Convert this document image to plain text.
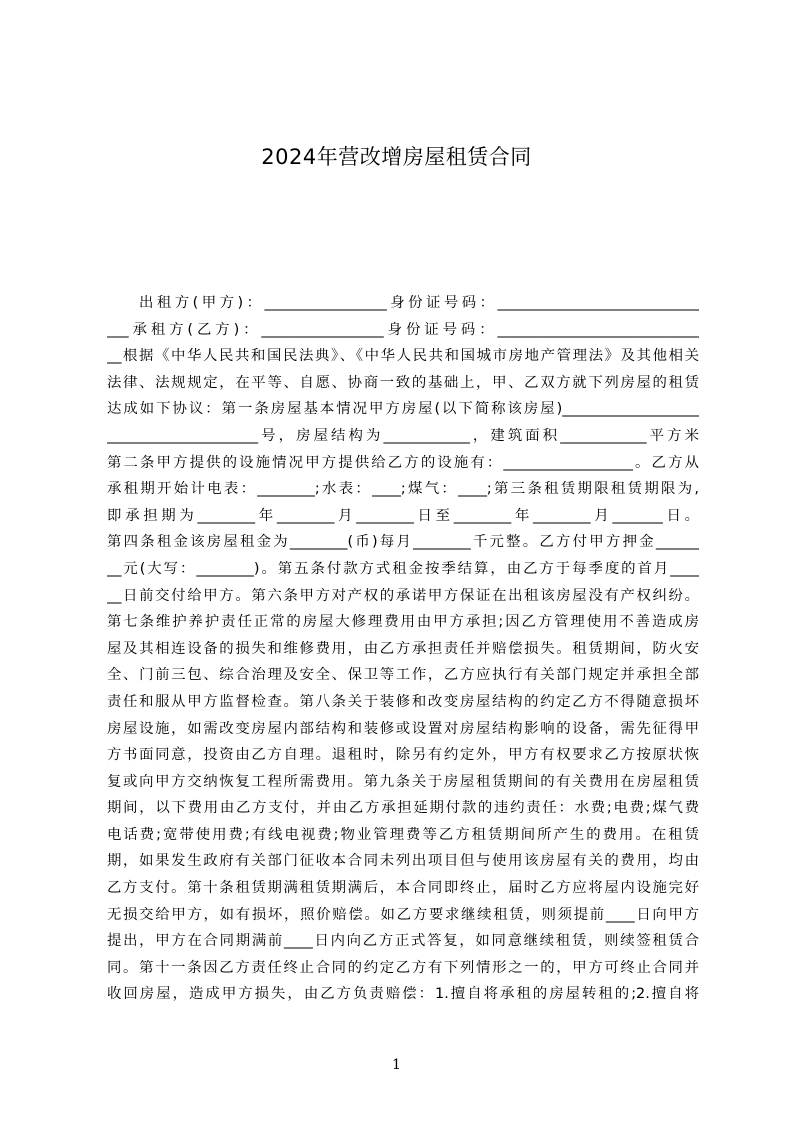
2024年营改增房屋租赁合同
出租方(甲方)：_________________身份证号码：____________________________
___承租方(乙方)：_________________身份证号码：____________________________
__根据《中华人民共和国民法典》、《中华人民共和国城市房地产管理法》及其他相关
法律、法规规定，在平等、自愿、协商一致的基础上，甲、乙双方就下列房屋的租赁
达成如下协议：第一条房屋基本情况甲方房屋(以下简称该房屋)___________________
_____________________号，房屋结构为____________，建筑面积____________平方米
第二条甲方提供的设施情况甲方提供给乙方的设施有：__________________。乙方从
承租期开始计电表：________;水表：____;煤气：____;第三条租赁期限租赁期限为,
即承担期为________年________月________日至________年________月_______日。
第四条租金该房屋租金为________(币)每月________千元整。乙方付甲方押金______
__元(大写：________)。第五条付款方式租金按季结算，由乙方于每季度的首月____
__日前交付给甲方。第六条甲方对产权的承诺甲方保证在出租该房屋没有产权纠纷。
第七条维护养护责任正常的房屋大修理费用由甲方承担;因乙方管理使用不善造成房
屋及其相连设备的损失和维修费用，由乙方承担责任并赔偿损失。租赁期间，防火安
全、门前三包、综合治理及安全、保卫等工作，乙方应执行有关部门规定并承担全部
责任和服从甲方监督检查。第八条关于装修和改变房屋结构的约定乙方不得随意损坏
房屋设施，如需改变房屋内部结构和装修或设置对房屋结构影响的设备，需先征得甲
方书面同意，投资由乙方自理。退租时，除另有约定外，甲方有权要求乙方按原状恢
复或向甲方交纳恢复工程所需费用。第九条关于房屋租赁期间的有关费用在房屋租赁
期间，以下费用由乙方支付，并由乙方承担延期付款的违约责任：水费;电费;煤气费
电话费;宽带使用费;有线电视费;物业管理费等乙方租赁期间所产生的费用。在租赁
期，如果发生政府有关部门征收本合同未列出项目但与使用该房屋有关的费用，均由
乙方支付。第十条租赁期满租赁期满后，本合同即终止，届时乙方应将屋内设施完好
无损交给甲方，如有损坏，照价赔偿。如乙方要求继续租赁，则须提前____日向甲方
提出，甲方在合同期满前____日内向乙方正式答复，如同意继续租赁，则续签租赁合
同。第十一条因乙方责任终止合同的约定乙方有下列情形之一的，甲方可终止合同并
收回房屋，造成甲方损失，由乙方负责赔偿：1.擅自将承租的房屋转租的;2.擅自将
1
